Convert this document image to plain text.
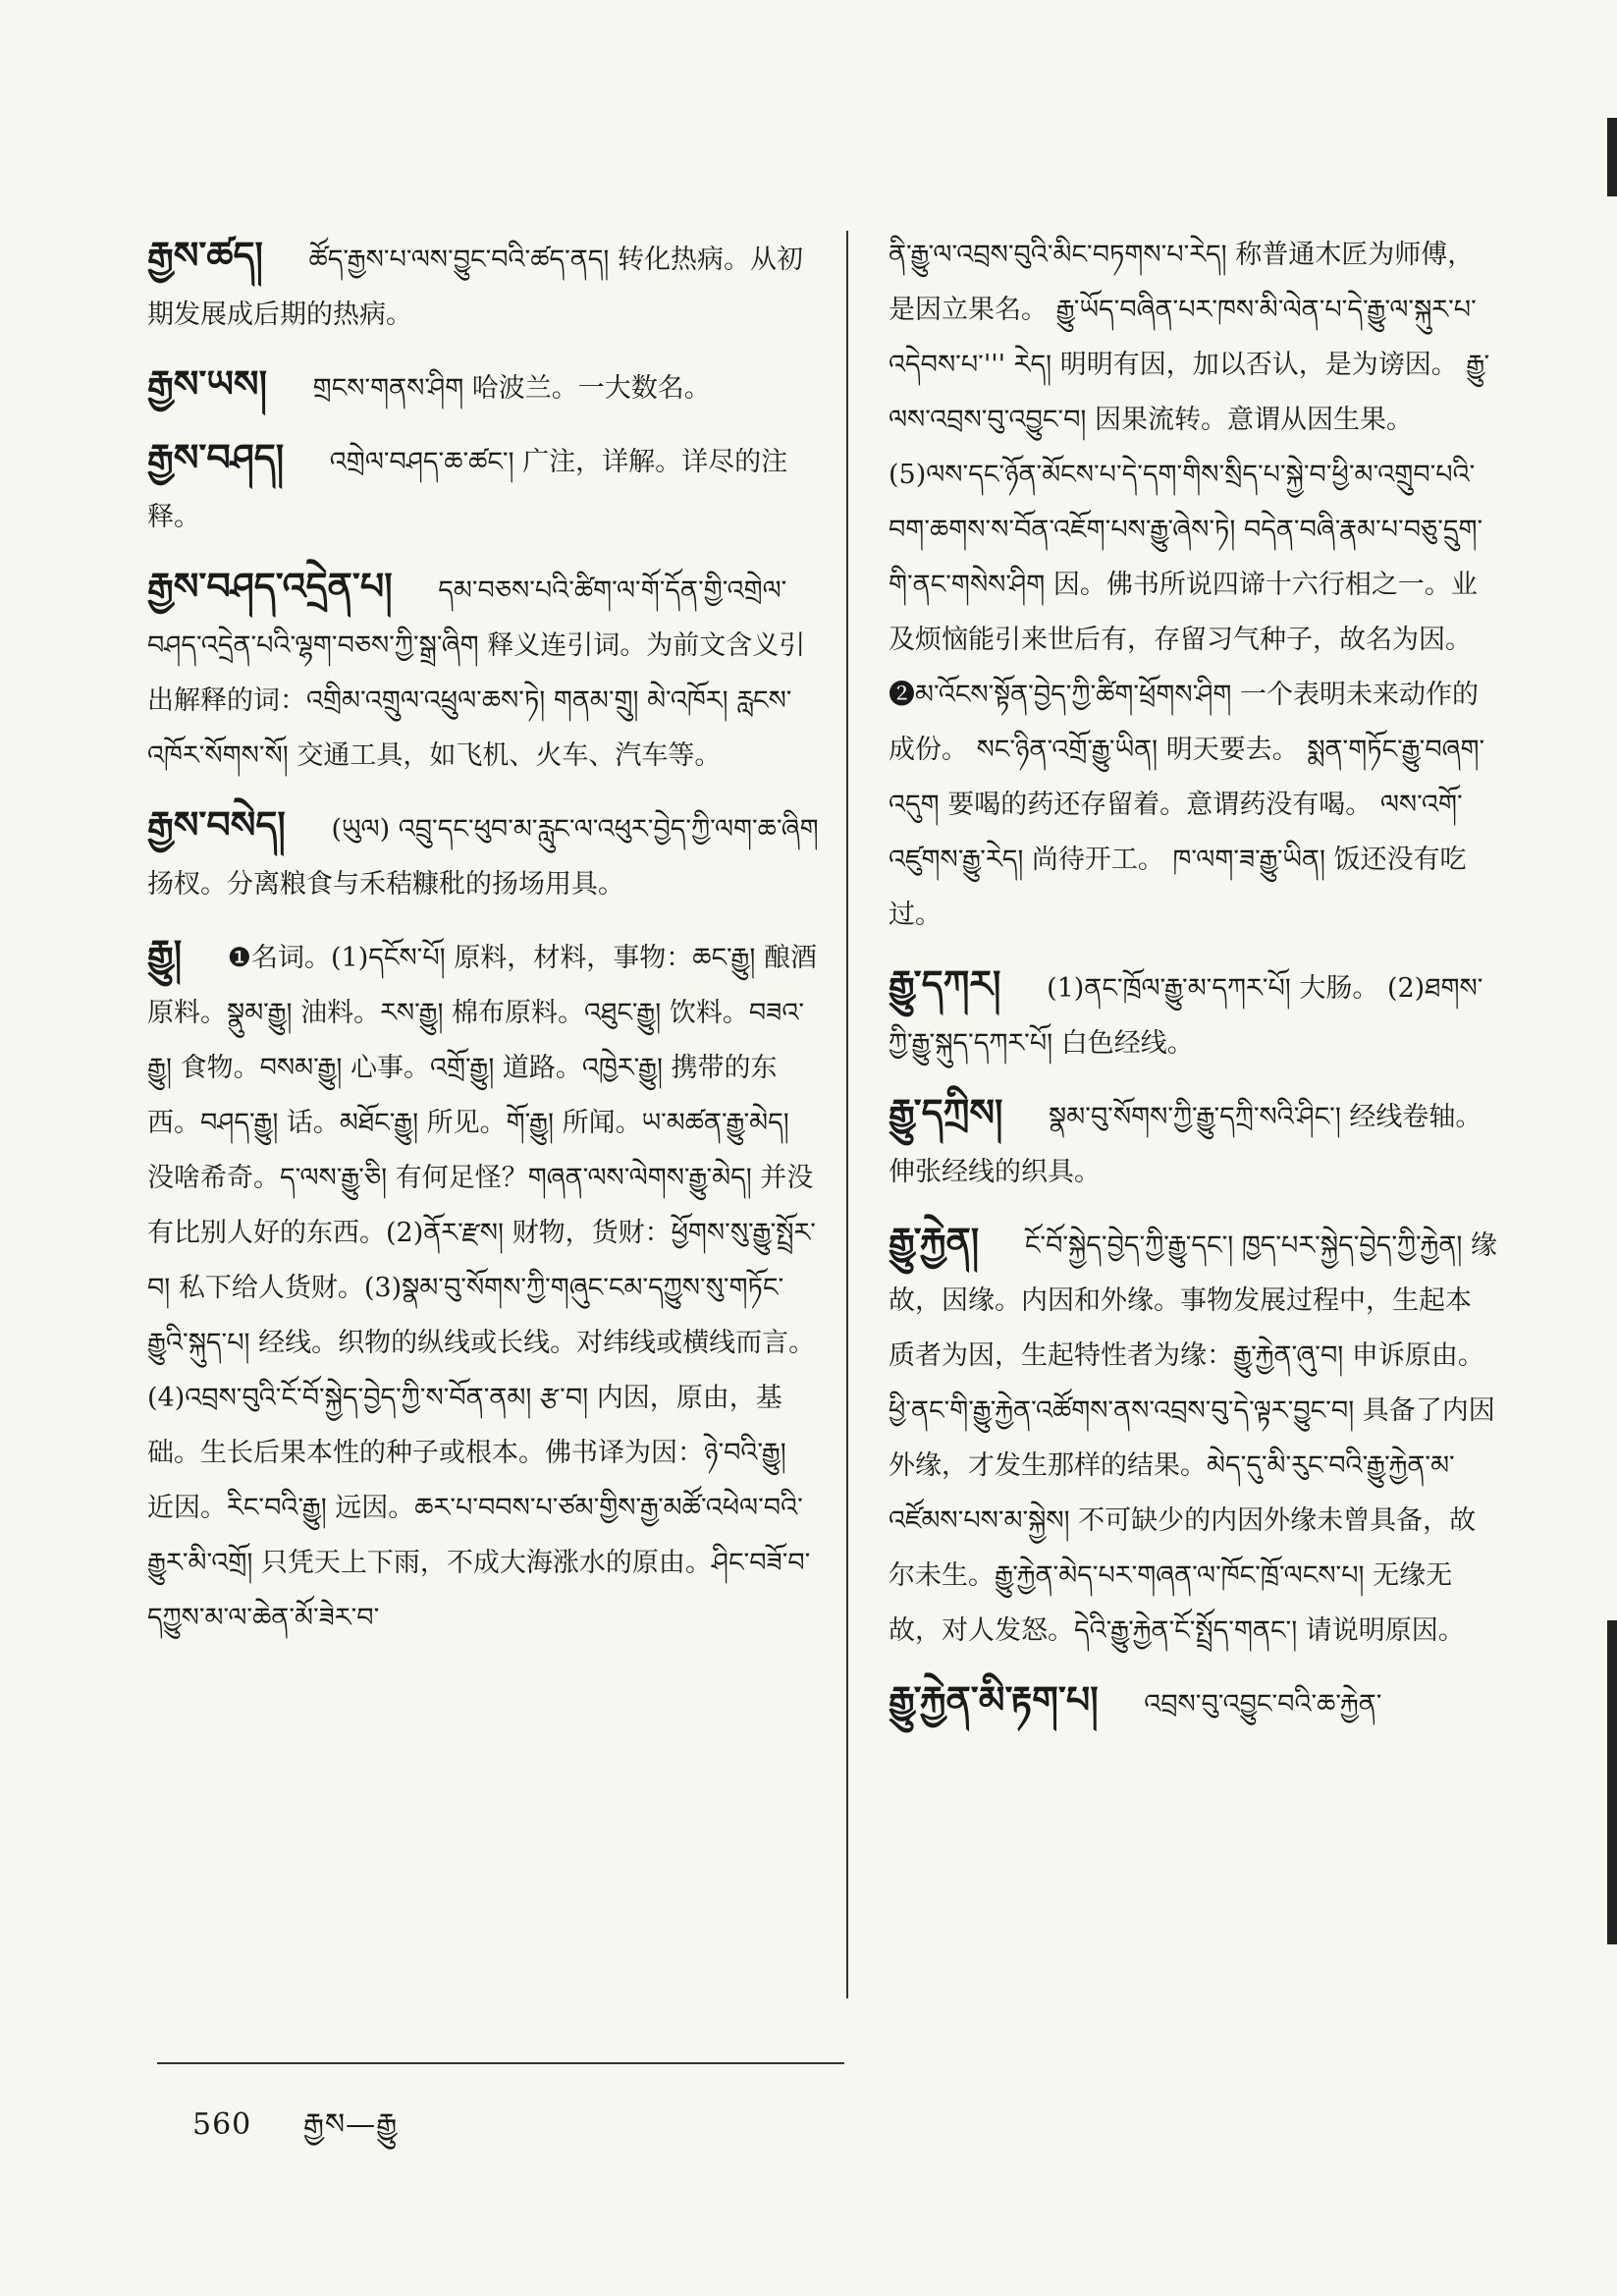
རྒྱས་ཚད། ཚོད་རྒྱས་པ་ལས་བྱུང་བའི་ཚད་ནད། 转化热病。从初期发展成后期的热病。
རྒྱས་ཡས། གྲངས་གནས་ཤིག 哈波兰。一大数名。
རྒྱས་བཤད། འགྲེལ་བཤད་ཆ་ཚང་། 广注，详解。详尽的注释。
རྒྱས་བཤད་འདྲེན་པ། དམ་བཅས་པའི་ཚིག་ལ་གོ་དོན་གྱི་འགྲེལ་བཤད་འདྲེན་པའི་ལྷག་བཅས་ཀྱི་སྒྲ་ཞིག 释义连引词。为前文含义引出解释的词：འགྲིམ་འགྲུལ་འཕྲུལ་ཆས་ཏེ། གནམ་གྲུ། མེ་འཁོར། རླངས་འཁོར་སོགས་སོ། 交通工具，如飞机、火车、汽车等。
རྒྱས་བསེད། (ཡུལ) འབྲུ་དང་ཕུབ་མ་རླུང་ལ་འཕུར་བྱེད་ཀྱི་ལག་ཆ་ཞིག 扬杈。分离粮食与禾秸糠秕的扬场用具。
རྒྱུ། ❶名词。(1)དངོས་པོ། 原料，材料，事物：ཆང་རྒྱུ། 酿酒原料。སྣུམ་རྒྱུ། 油料。རས་རྒྱུ། 棉布原料。འཐུང་རྒྱུ། 饮料。བཟའ་རྒྱུ། 食物。བསམ་རྒྱུ། 心事。འགྲོ་རྒྱུ། 道路。འཁྱེར་རྒྱུ། 携带的东西。བཤད་རྒྱུ། 话。མཐོང་རྒྱུ། 所见。གོ་རྒྱུ། 所闻。ཡ་མཚན་རྒྱུ་མེད། 没啥希奇。ད་ལས་རྒྱུ་ཅི། 有何足怪？གཞན་ལས་ལེགས་རྒྱུ་མེད། 并没有比别人好的东西。(2)ནོར་རྫས། 财物，货财：ཕྱོགས་སུ་རྒྱུ་སྤྲོར་བ། 私下给人货财。(3)སྣམ་བུ་སོགས་ཀྱི་གཞུང་ངམ་དཀྱུས་སུ་གཏོང་རྒྱུའི་སྐུད་པ། 经线。织物的纵线或长线。对纬线或横线而言。(4)འབྲས་བུའི་ངོ་བོ་སྐྱེད་བྱེད་ཀྱི་ས་བོན་ནམ། རྩ་བ། 内因，原由，基础。生长后果本性的种子或根本。佛书译为因：ཉེ་བའི་རྒྱུ། 近因。རིང་བའི་རྒྱུ། 远因。ཆར་པ་བབས་པ་ཙམ་གྱིས་རྒྱ་མཚོ་འཕེལ་བའི་རྒྱུར་མི་འགྲོ། 只凭天上下雨，不成大海涨水的原由。ཤིང་བཟོ་བ་དཀྱུས་མ་ལ་ཆེན་མོ་ཟེར་བ་
ནི་རྒྱུ་ལ་འབྲས་བུའི་མིང་བཏགས་པ་རེད། 称普通木匠为师傅，是因立果名。 རྒྱུ་ཡོད་བཞིན་པར་ཁས་མི་ལེན་པ་དེ་རྒྱུ་ལ་སྐུར་པ་འདེབས་པ་''' རེད། 明明有因，加以否认，是为谤因。 རྒྱུ་ལས་འབྲས་བུ་འབྱུང་བ། 因果流转。意谓从因生果。 (5)ལས་དང་ཉོན་མོངས་པ་དེ་དག་གིས་སྲིད་པ་སྐྱེ་བ་ཕྱི་མ་འགྲུབ་པའི་བག་ཆགས་ས་བོན་འཇོག་པས་རྒྱུ་ཞེས་ཏེ། བདེན་བཞི་རྣམ་པ་བཅུ་དྲུག་གི་ནང་གསེས་ཤིག 因。佛书所说四谛十六行相之一。业及烦恼能引来世后有，存留习气种子，故名为因。❷མ་འོངས་སྟོན་བྱེད་ཀྱི་ཚིག་ཕྲོགས་ཤིག 一个表明未来动作的成份。 སང་ཉིན་འགྲོ་རྒྱུ་ཡིན། 明天要去。 སྨན་གཏོང་རྒྱུ་བཞག་འདུག 要喝的药还存留着。意谓药没有喝。 ལས་འགོ་འཛུགས་རྒྱུ་རེད། 尚待开工。 ཁ་ལག་ཟ་རྒྱུ་ཡིན། 饭还没有吃过。
རྒྱུ་དཀར། (1)ནང་ཁྲོལ་རྒྱུ་མ་དཀར་པོ། 大肠。 (2)ཐགས་ཀྱི་རྒྱུ་སྐུད་དཀར་པོ། 白色经线。
རྒྱུ་དཀྲིས། སྣམ་བུ་སོགས་ཀྱི་རྒྱུ་དཀྲི་སའི་ཤིང་། 经线卷轴。伸张经线的织具。
རྒྱུ་རྐྱེན། ངོ་བོ་སྐྱེད་བྱེད་ཀྱི་རྒྱུ་དང་། ཁྱད་པར་སྐྱེད་བྱེད་ཀྱི་རྐྱེན། 缘故，因缘。内因和外缘。事物发展过程中，生起本质者为因，生起特性者为缘：རྒྱུ་རྐྱེན་ཞུ་བ། 申诉原由。ཕྱི་ནང་གི་རྒྱུ་རྐྱེན་འཚོགས་ནས་འབྲས་བུ་དེ་ལྟར་བྱུང་བ། 具备了内因外缘，才发生那样的结果。མེད་དུ་མི་རུང་བའི་རྒྱུ་རྐྱེན་མ་འཛོམས་པས་མ་སྐྱེས། 不可缺少的内因外缘未曾具备，故尔未生。རྒྱུ་རྐྱེན་མེད་པར་གཞན་ལ་ཁོང་ཁྲོ་ལངས་པ། 无缘无故，对人发怒。དེའི་རྒྱུ་རྐྱེན་ངོ་སྤྲོད་གནང་། 请说明原因。
རྒྱུ་རྐྱེན་མི་རྟག་པ། འབྲས་བུ་འབྱུང་བའི་ཆ་རྐྱེན་
560 རྒྱས—རྒྱུ
